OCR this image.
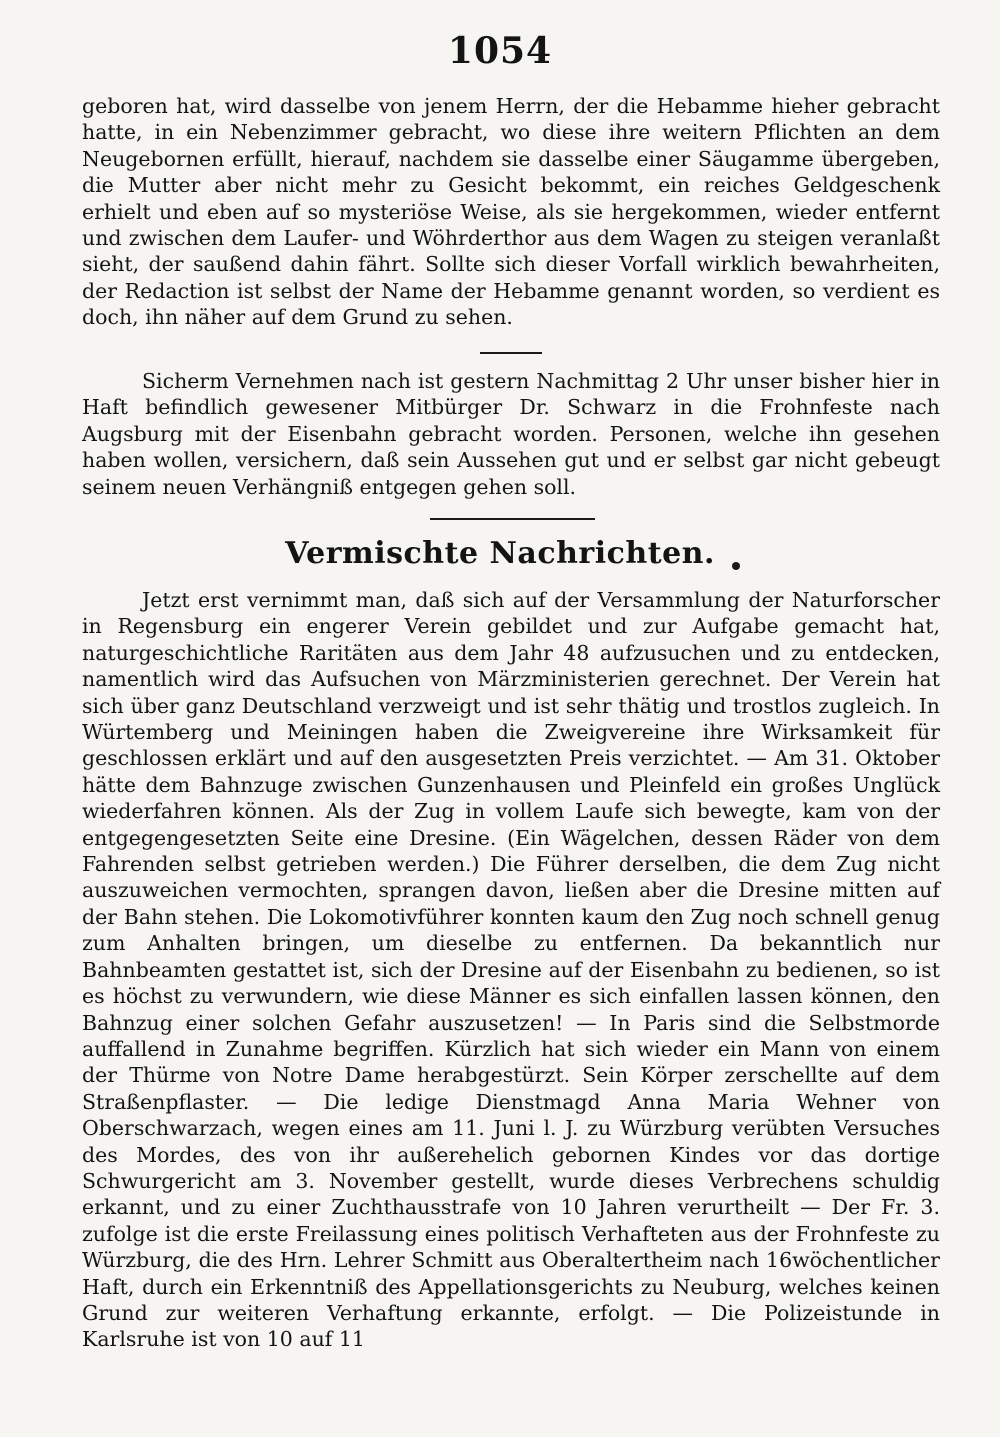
1054

geboren hat, wird dasselbe von jenem Herrn, der die Hebamme hieher gebracht hatte, in ein Nebenzimmer gebracht, wo diese ihre weitern Pflichten an dem Neugebornen erfüllt, hierauf, nachdem sie dasselbe einer Säugamme übergeben, die Mutter aber nicht mehr zu Gesicht bekommt, ein reiches Geldgeschenk erhielt und eben auf so mysteriöse Weise, als sie hergekommen, wieder entfernt und zwischen dem Laufer- und Wöhrderthor aus dem Wagen zu steigen veranlaßt sieht, der saußend dahin fährt. Sollte sich dieser Vorfall wirklich bewahrheiten, der Redaction ist selbst der Name der Hebamme genannt worden, so verdient es doch, ihn näher auf dem Grund zu sehen.

Sicherm Vernehmen nach ist gestern Nachmittag 2 Uhr unser bisher hier in Haft befindlich gewesener Mitbürger Dr. Schwarz in die Frohnfeste nach Augsburg mit der Eisenbahn gebracht worden. Personen, welche ihn gesehen haben wollen, versichern, daß sein Aussehen gut und er selbst gar nicht gebeugt seinem neuen Verhängniß entgegen gehen soll.

Vermischte Nachrichten.

Jetzt erst vernimmt man, daß sich auf der Versammlung der Naturforscher in Regensburg ein engerer Verein gebildet und zur Aufgabe gemacht hat, naturgeschichtliche Raritäten aus dem Jahr 48 aufzusuchen und zu entdecken, namentlich wird das Aufsuchen von Märzministerien gerechnet. Der Verein hat sich über ganz Deutschland verzweigt und ist sehr thätig und trostlos zugleich. In Würtemberg und Meiningen haben die Zweigvereine ihre Wirksamkeit für geschlossen erklärt und auf den ausgesetzten Preis verzichtet. — Am 31. Oktober hätte dem Bahnzuge zwischen Gunzenhausen und Pleinfeld ein großes Unglück wiederfahren können. Als der Zug in vollem Laufe sich bewegte, kam von der entgegengesetzten Seite eine Dresine. (Ein Wägelchen, dessen Räder von dem Fahrenden selbst getrieben werden.) Die Führer derselben, die dem Zug nicht auszuweichen vermochten, sprangen davon, ließen aber die Dresine mitten auf der Bahn stehen. Die Lokomotivführer konnten kaum den Zug noch schnell genug zum Anhalten bringen, um dieselbe zu entfernen. Da bekanntlich nur Bahnbeamten gestattet ist, sich der Dresine auf der Eisenbahn zu bedienen, so ist es höchst zu verwundern, wie diese Männer es sich einfallen lassen können, den Bahnzug einer solchen Gefahr auszusetzen! — In Paris sind die Selbstmorde auffallend in Zunahme begriffen. Kürzlich hat sich wieder ein Mann von einem der Thürme von Notre Dame herabgestürzt. Sein Körper zerschellte auf dem Straßenpflaster. — Die ledige Dienstmagd Anna Maria Wehner von Oberschwarzach, wegen eines am 11. Juni l. J. zu Würzburg verübten Versuches des Mordes, des von ihr außerehelich gebornen Kindes vor das dortige Schwurgericht am 3. November gestellt, wurde dieses Verbrechens schuldig erkannt, und zu einer Zuchthausstrafe von 10 Jahren verurtheilt — Der Fr. 3. zufolge ist die erste Freilassung eines politisch Verhafteten aus der Frohnfeste zu Würzburg, die des Hrn. Lehrer Schmitt aus Oberaltertheim nach 16wöchentlicher Haft, durch ein Erkenntniß des Appellationsgerichts zu Neuburg, welches keinen Grund zur weiteren Verhaftung erkannte, erfolgt. — Die Polizeistunde in Karlsruhe ist von 10 auf 11
